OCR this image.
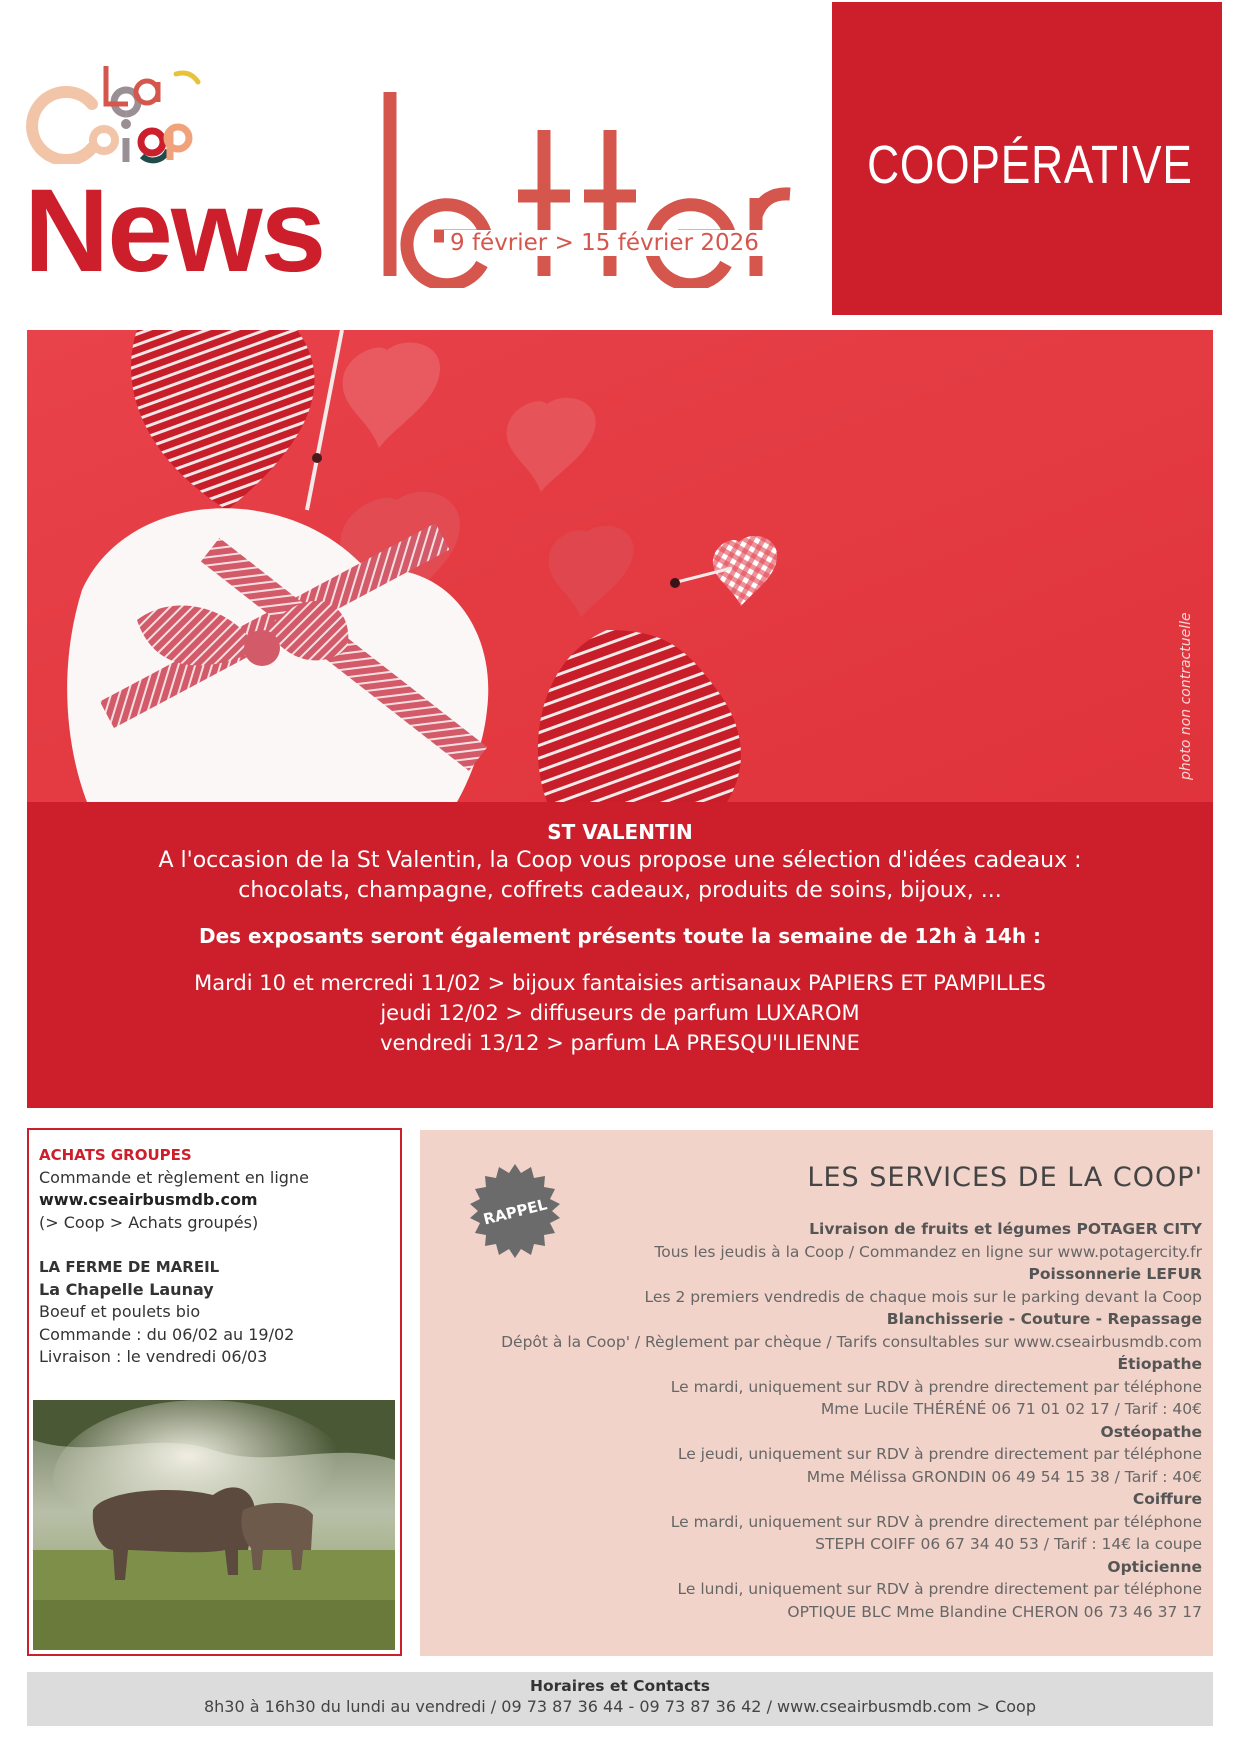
News	9 février > 15 février 2026
COOPÉRATIVE
photo non contractuelle
ST VALENTIN
A l'occasion de la St Valentin, la Coop vous propose une sélection d'idées cadeaux :
chocolats, champagne, coffrets cadeaux, produits de soins, bijoux, ...
Des exposants seront également présents toute la semaine de 12h à 14h :
Mardi 10 et mercredi 11/02 > bijoux fantaisies artisanaux PAPIERS ET PAMPILLES
jeudi 12/02 > diffuseurs de parfum LUXAROM
vendredi 13/12 > parfum LA PRESQU'ILIENNE
ACHATS GROUPES
Commande et règlement en ligne
www.cseairbusmdb.com
(> Coop > Achats groupés)
LA FERME DE MAREIL
La Chapelle Launay
Boeuf et poulets bio
Commande : du 06/02 au 19/02
Livraison : le vendredi 06/03
RAPPEL
LES SERVICES DE LA COOP'
Livraison de fruits et légumes POTAGER CITY
Tous les jeudis à la Coop / Commandez en ligne sur www.potagercity.fr
Poissonnerie LEFUR
Les 2 premiers vendredis de chaque mois sur le parking devant la Coop
Blanchisserie - Couture - Repassage
Dépôt à la Coop' / Règlement par chèque / Tarifs consultables sur www.cseairbusmdb.com
Étiopathe
Le mardi, uniquement sur RDV à prendre directement par téléphone
Mme Lucile THÉRÉNÉ 06 71 01 02 17 / Tarif : 40€
Ostéopathe
Le jeudi, uniquement sur RDV à prendre directement par téléphone
Mme Mélissa GRONDIN 06 49 54 15 38 / Tarif : 40€
Coiffure
Le mardi, uniquement sur RDV à prendre directement par téléphone
STEPH COIFF 06 67 34 40 53 / Tarif : 14€ la coupe
Opticienne
Le lundi, uniquement sur RDV à prendre directement par téléphone
OPTIQUE BLC Mme Blandine CHERON 06 73 46 37 17
Horaires et Contacts
8h30 à 16h30 du lundi au vendredi / 09 73 87 36 44 - 09 73 87 36 42 / www.cseairbusmdb.com > Coop
